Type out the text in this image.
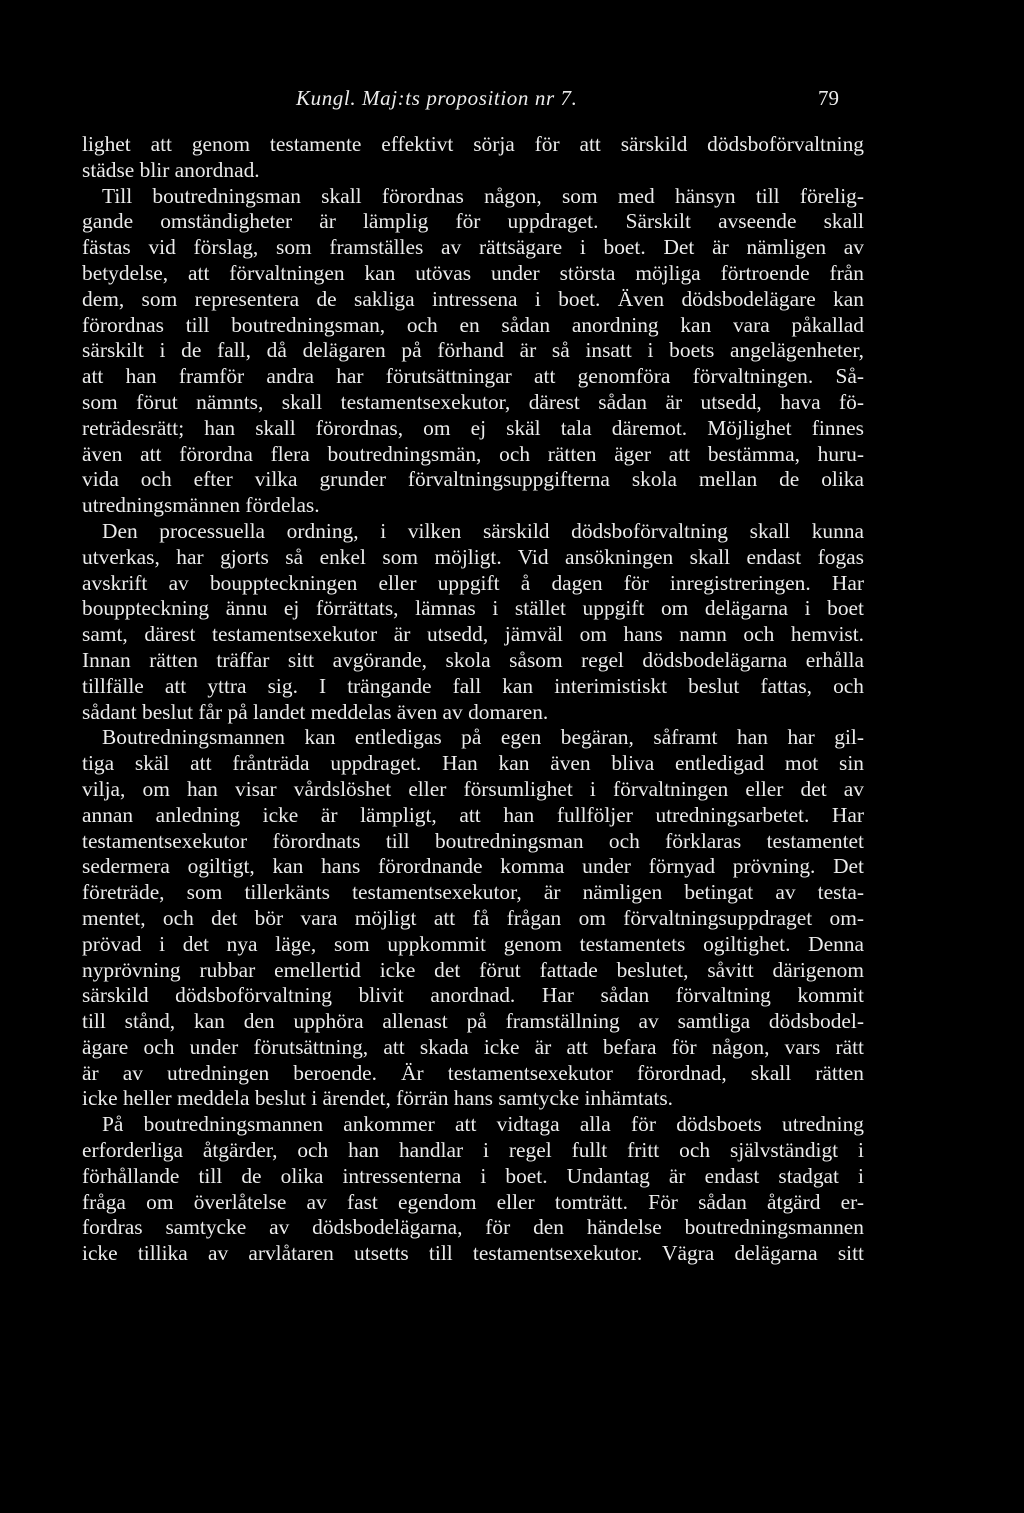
Kungl. Maj:ts proposition nr 7.	79
lighet att genom testamente effektivt sörja för att särskild dödsboförvaltning
städse blir anordnad.
Till boutredningsman skall förordnas någon, som med hänsyn till förelig-
gande omständigheter är lämplig för uppdraget. Särskilt avseende skall
fästas vid förslag, som framställes av rättsägare i boet. Det är nämligen av
betydelse, att förvaltningen kan utövas under största möjliga förtroende från
dem, som representera de sakliga intressena i boet. Även dödsbodelägare kan
förordnas till boutredningsman, och en sådan anordning kan vara påkallad
särskilt i de fall, då delägaren på förhand är så insatt i boets angelägenheter,
att han framför andra har förutsättningar att genomföra förvaltningen. Så-
som förut nämnts, skall testamentsexekutor, därest sådan är utsedd, hava fö-
reträdesrätt; han skall förordnas, om ej skäl tala däremot. Möjlighet finnes
även att förordna flera boutredningsmän, och rätten äger att bestämma, huru-
vida och efter vilka grunder förvaltningsuppgifterna skola mellan de olika
utredningsmännen fördelas.
Den processuella ordning, i vilken särskild dödsboförvaltning skall kunna
utverkas, har gjorts så enkel som möjligt. Vid ansökningen skall endast fogas
avskrift av bouppteckningen eller uppgift å dagen för inregistreringen. Har
bouppteckning ännu ej förrättats, lämnas i stället uppgift om delägarna i boet
samt, därest testamentsexekutor är utsedd, jämväl om hans namn och hemvist.
Innan rätten träffar sitt avgörande, skola såsom regel dödsbodelägarna erhålla
tillfälle att yttra sig. I trängande fall kan interimistiskt beslut fattas, och
sådant beslut får på landet meddelas även av domaren.
Boutredningsmannen kan entledigas på egen begäran, såframt han har gil-
tiga skäl att frånträda uppdraget. Han kan även bliva entledigad mot sin
vilja, om han visar vårdslöshet eller försumlighet i förvaltningen eller det av
annan anledning icke är lämpligt, att han fullföljer utredningsarbetet. Har
testamentsexekutor förordnats till boutredningsman och förklaras testamentet
sedermera ogiltigt, kan hans förordnande komma under förnyad prövning. Det
företräde, som tillerkänts testamentsexekutor, är nämligen betingat av testa-
mentet, och det bör vara möjligt att få frågan om förvaltningsuppdraget om-
prövad i det nya läge, som uppkommit genom testamentets ogiltighet. Denna
nyprövning rubbar emellertid icke det förut fattade beslutet, såvitt därigenom
särskild dödsboförvaltning blivit anordnad. Har sådan förvaltning kommit
till stånd, kan den upphöra allenast på framställning av samtliga dödsbodel-
ägare och under förutsättning, att skada icke är att befara för någon, vars rätt
är av utredningen beroende. Är testamentsexekutor förordnad, skall rätten
icke heller meddela beslut i ärendet, förrän hans samtycke inhämtats.
På boutredningsmannen ankommer att vidtaga alla för dödsboets utredning
erforderliga åtgärder, och han handlar i regel fullt fritt och självständigt i
förhållande till de olika intressenterna i boet. Undantag är endast stadgat i
fråga om överlåtelse av fast egendom eller tomträtt. För sådan åtgärd er-
fordras samtycke av dödsbodelägarna, för den händelse boutredningsmannen
icke tillika av arvlåtaren utsetts till testamentsexekutor. Vägra delägarna sitt
